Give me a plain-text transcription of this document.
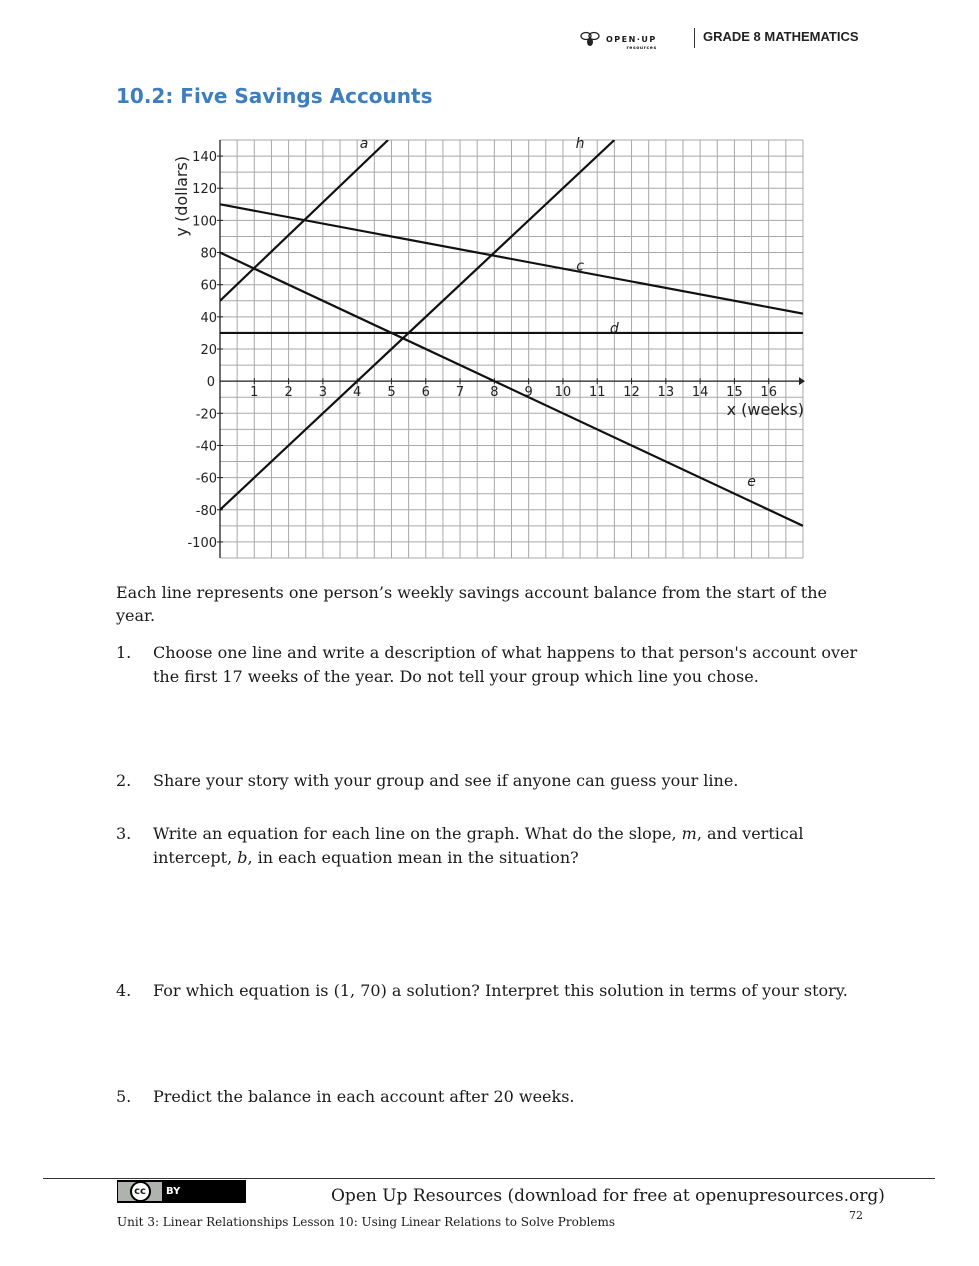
OPEN·UP
resources
GRADE 8 MATHEMATICS
10.2: Five Savings Accounts
1 2 3 4 5 6 7 8 9 10 11 12 13 14 15 16
140
120
100
80
60
40
20
-20
-40
-60
-80
-100
0
x (weeks)
y (dollars)
a	h
c
d
e
Each line represents one person’s weekly savings account balance from the start of the year.
1. Choose one line and write a description of what happens to that person's account over the first 17 weeks of the year. Do not tell your group which line you chose.
2. Share your story with your group and see if anyone can guess your line.
3. Write an equation for each line on the graph. What do the slope, m, and vertical intercept, b, in each equation mean in the situation?
4. For which equation is (1, 70) a solution? Interpret this solution in terms of your story.
5. Predict the balance in each account after 20 weeks.
cc	BY	Open Up Resources (download for free at openupresources.org)
72
Unit 3: Linear Relationships Lesson 10: Using Linear Relations to Solve Problems
